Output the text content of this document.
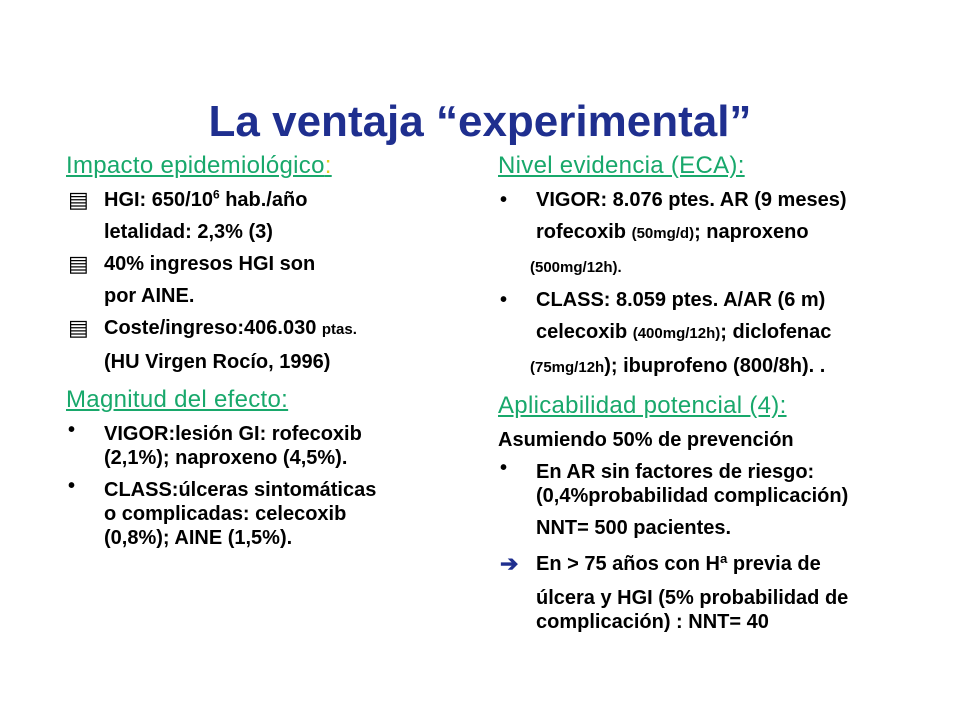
La ventaja “experimental”

Impacto epidemiológico:

▤ HGI: $650/10^6$ hab./año

letalidad: 2,3% (3)

▤ 40% ingresos HGI son

por AINE.

▤ Coste/ingreso:406.030 ptas.

(HU Virgen Rocío, 1996)

Magnitud del efecto:

•	VIGOR:lesión GI: rofecoxib
(2,1%); naproxeno (4,5%).
•	CLASS:úlceras sintomáticas
o complicadas: celecoxib
(0,8%); AINE (1,5%).

Nivel evidencia (ECA):

•	VIGOR: 8.076 ptes. AR (9 meses)

rofecoxib (50mg/d); naproxeno

(500mg/12h).

•	CLASS: 8.059 ptes. A/AR (6 m)

celecoxib (400mg/12h); diclofenac

(75mg/12h); ibuprofeno (800/8h). .

Aplicabilidad potencial (4):

Asumiendo 50% de prevención

•	En AR sin factores de riesgo:
(0,4%probabilidad complicación)

NNT= 500 pacientes.

➔ En > 75 años con Hª previa de
úlcera y HGI (5% probabilidad de
complicación) : NNT= 40
